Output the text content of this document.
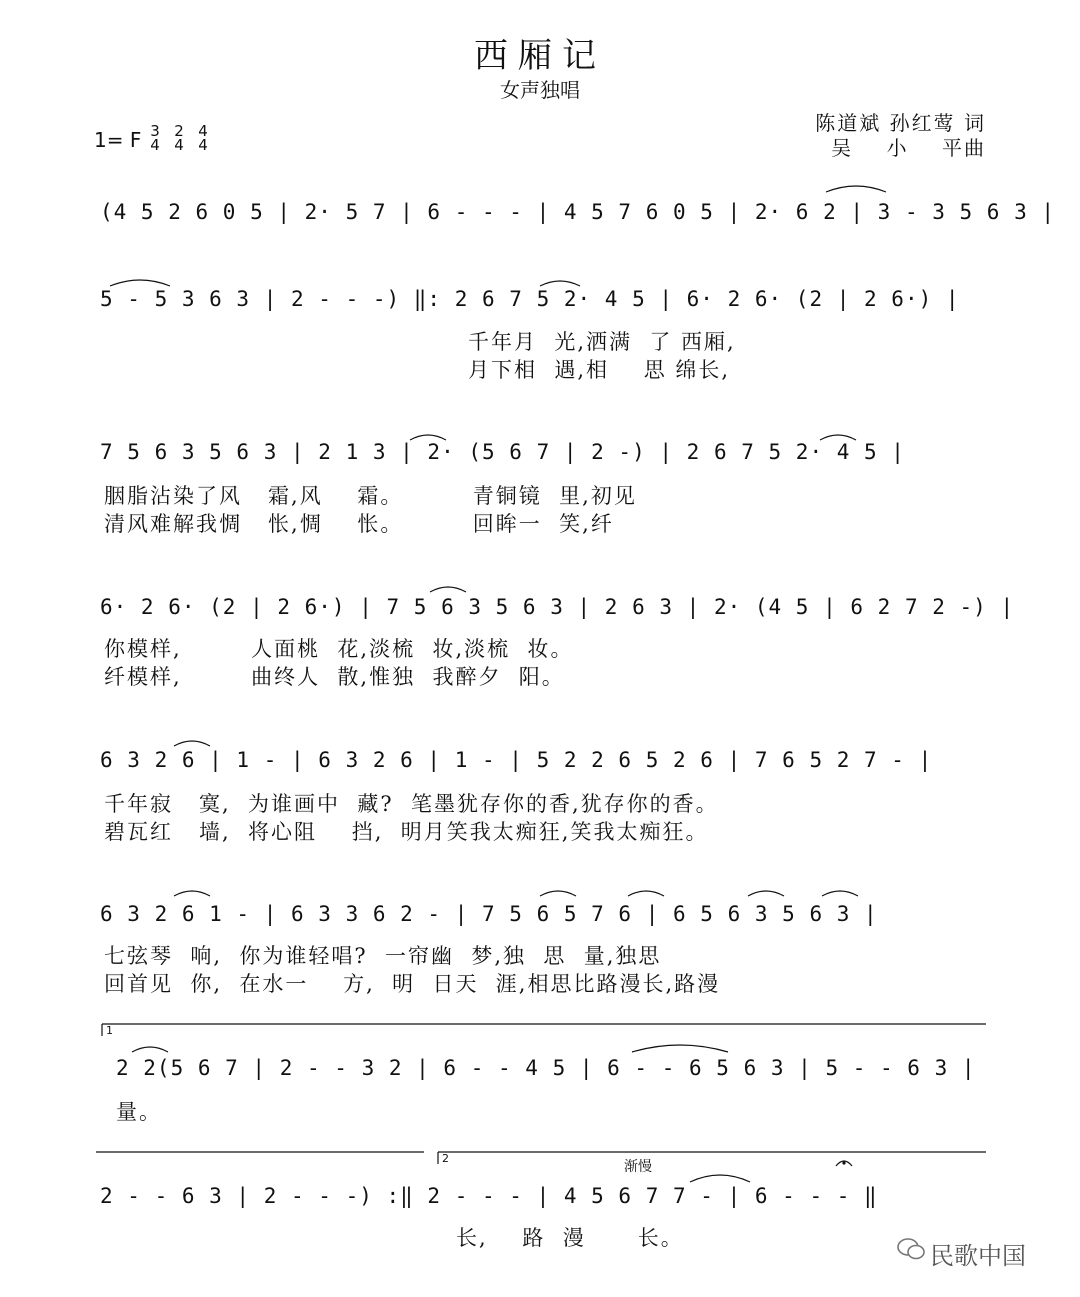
西厢记
女声独唱
1= F 3
4
2
4
4
4
陈道斌 孙红莺 词
吴    小    平曲
(4 5 2 6 0 5 | 2· 5 7 | 6 - - - | 4 5 7 6 0 5 | 2· 6 2 | 3 - 3 5 6 3 |
5 - 5 3 6 3 | 2 - - -) ‖: 2 6 7 5 2· 4 5 | 6· 2 6· (2 | 2 6·) |
千年月  光,洒满  了 西厢,
月下相  遇,相    思 绵长,
7 5 6 3 5 6 3 | 2 1 3 | 2· (5 6 7 | 2 -) | 2 6 7 5 2· 4 5 |
胭脂沾染了风   霜,风    霜。        青铜镜  里,初见
清风难解我惆   怅,惆    怅。        回眸一  笑,纤
6· 2 6· (2 | 2 6·) | 7 5 6 3 5 6 3 | 2 6 3 | 2· (4 5 | 6 2 7 2 -) |
你模样,        人面桃  花,淡梳  妆,淡梳  妆。
纤模样,        曲终人  散,惟独  我醉夕  阳。
6 3 2 6 | 1 - | 6 3 2 6 | 1 - | 5 2 2 6 5 2 6 | 7 6 5 2 7 - |
千年寂   寞,  为谁画中  藏?  笔墨犹存你的香,犹存你的香。
碧瓦红   墙,  将心阻    挡,  明月笑我太痴狂,笑我太痴狂。
6 3 2 6 1 - | 6 3 3 6 2 - | 7 5 6 5 7 6 | 6 5 6 3 5 6 3 |
七弦琴  响,  你为谁轻唱?  一帘幽  梦,独  思  量,独思
回首见  你,  在水一    方,  明  日天  涯,相思比路漫长,路漫
1
2 2(5 6 7 | 2 - - 3 2 | 6 - - 4 5 | 6 - - 6 5 6 3 | 5 - - 6 3 |
量。
2
渐慢
2 - - 6 3 | 2 - - -) :‖ 2 - - - | 4 5 6 7 7 - | 6 - - - ‖
长,    路  漫      长。
民歌中国
